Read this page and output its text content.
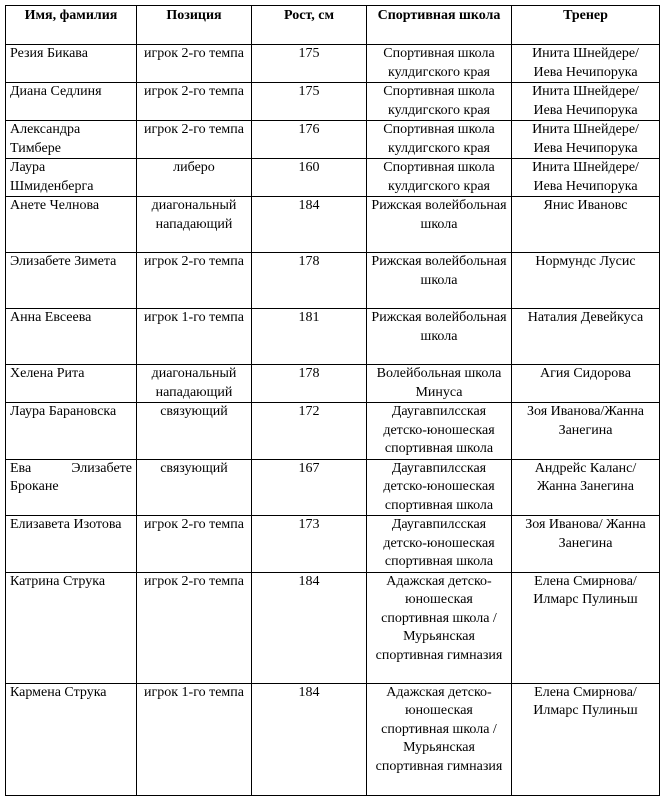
Имя, фамилия	Позиция	Рост, см	Спортивная школа	Тренер
Резия Бикава	игрок 2-го темпа	175	Спортивная школа кулдигского края	Инита Шнейдере/ Иева Нечипорука
Диана Седлиня	игрок 2-го темпа	175	Спортивная школа кулдигского края	Инита Шнейдере/ Иева Нечипорука
Александра Тимбере	игрок 2-го темпа	176	Спортивная школа кулдигского края	Инита Шнейдере/ Иева Нечипорука
Лаура Шмиденберга	либеро	160	Спортивная школа кулдигского края	Инита Шнейдере/ Иева Нечипорука
Анете Челнова	диагональный нападающий	184	Рижская волейбольная школа	Янис Ивановс
Элизабете Зимета	игрок 2-го темпа	178	Рижская волейбольная школа	Нормундс Лусис
Анна Евсеева	игрок 1-го темпа	181	Рижская волейбольная школа	Наталия Девейкуса
Хелена Рита	диагональный нападающий	178	Волейбольная школа Минуса	Агия Сидорова
Лаура Барановска	связующий	172	Даугавпилсская детско-юношеская спортивная школа	Зоя Иванова/Жанна Занегина
Ева Элизабете Брокане	связующий	167	Даугавпилсская детско-юношеская спортивная школа	Андрейс Каланс/ Жанна Занегина
Елизавета Изотова	игрок 2-го темпа	173	Даугавпилсская детско-юношеская спортивная школа	Зоя Иванова/ Жанна Занегина
Катрина Струка	игрок 2-го темпа	184	Адажская детско-юношеская спортивная школа /Мурьянская спортивная гимназия	Елена Смирнова/ Илмарс Пулиньш
Кармена Струка	игрок 1-го темпа	184	Адажская детско-юношеская спортивная школа /Мурьянская спортивная гимназия	Елена Смирнова/ Илмарс Пулиньш
